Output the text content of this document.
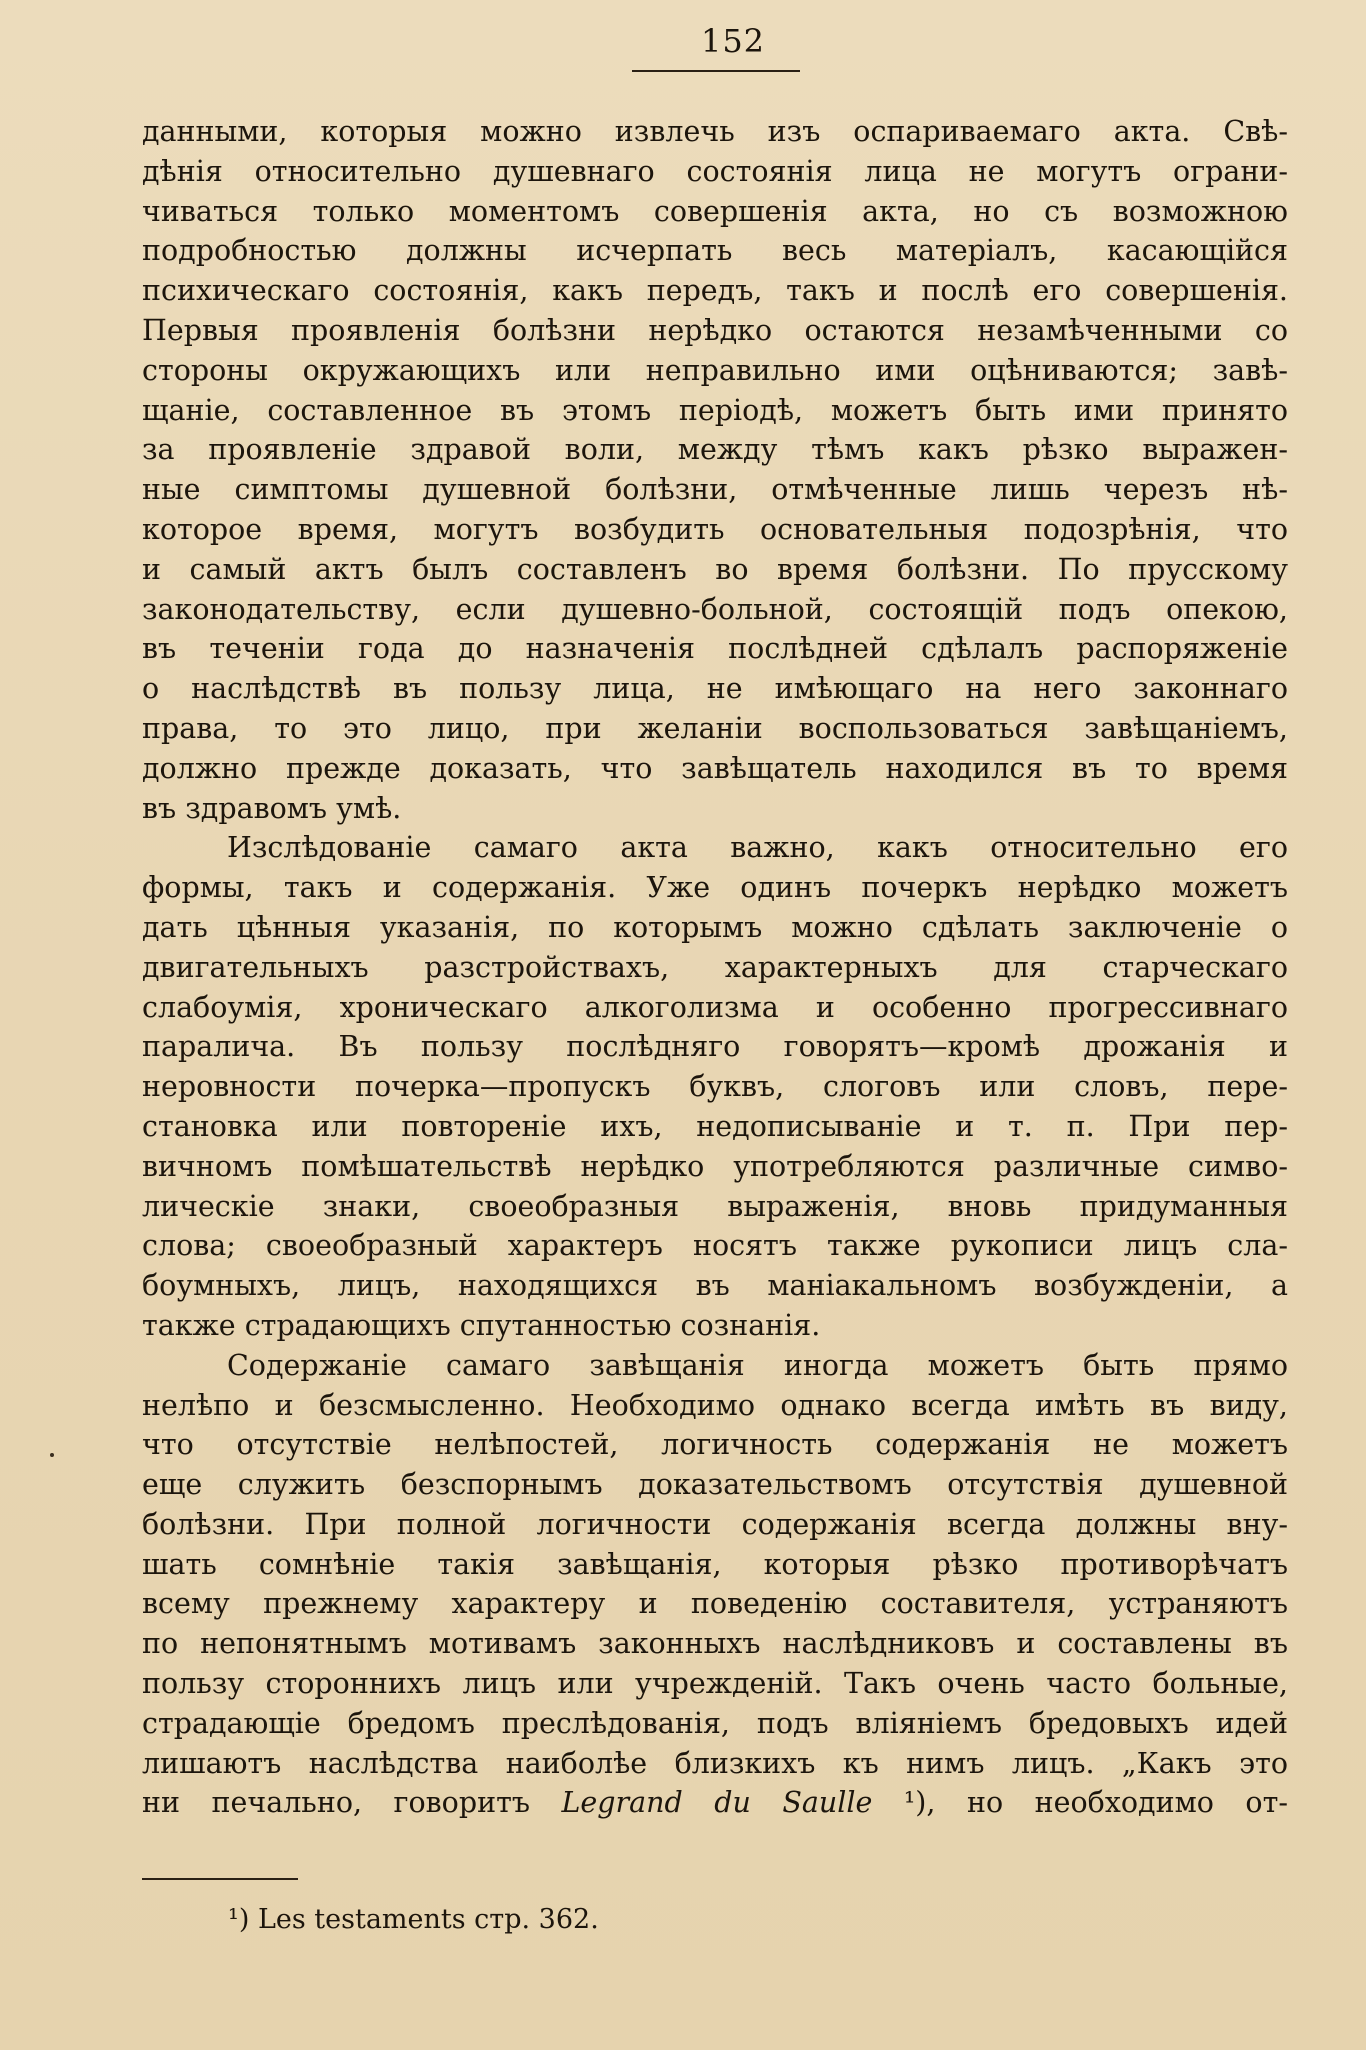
152
данными, которыя можно извлечь изъ оспариваемаго акта. Свѣ-
дѣнія относительно душевнаго состоянія лица не могутъ ограни-
чиваться только моментомъ совершенія акта, но съ возможною
подробностью должны исчерпать весь матеріалъ, касающійся
психическаго состоянія, какъ передъ, такъ и послѣ его совершенія.
Первыя проявленія болѣзни нерѣдко остаются незамѣченными со
стороны окружающихъ или неправильно ими оцѣниваются; завѣ-
щаніе, составленное въ этомъ періодѣ, можетъ быть ими принято
за проявленіе здравой воли, между тѣмъ какъ рѣзко выражен-
ные симптомы душевной болѣзни, отмѣченные лишь черезъ нѣ-
которое время, могутъ возбудить основательныя подозрѣнія, что
и самый актъ былъ составленъ во время болѣзни. По прусскому
законодательству, если душевно-больной, состоящій подъ опекою,
въ теченіи года до назначенія послѣдней сдѣлалъ распоряженіе
о наслѣдствѣ въ пользу лица, не имѣющаго на него законнаго
права, то это лицо, при желаніи воспользоваться завѣщаніемъ,
должно прежде доказать, что завѣщатель находился въ то время
въ здравомъ умѣ.
Изслѣдованіе самаго акта важно, какъ относительно его
формы, такъ и содержанія. Уже одинъ почеркъ нерѣдко можетъ
дать цѣнныя указанія, по которымъ можно сдѣлать заключеніе о
двигательныхъ разстройствахъ, характерныхъ для старческаго
слабоумія, хроническаго алкоголизма и особенно прогрессивнаго
паралича. Въ пользу послѣдняго говорятъ—кромѣ дрожанія и
неровности почерка—пропускъ буквъ, слоговъ или словъ, пере-
становка или повтореніе ихъ, недописываніе и т. п. При пер-
вичномъ помѣшательствѣ нерѣдко употребляются различные симво-
лическіе знаки, своеобразныя выраженія, вновь придуманныя
слова; своеобразный характеръ носятъ также рукописи лицъ сла-
боумныхъ, лицъ, находящихся въ маніакальномъ возбужденіи, а
также страдающихъ спутанностью сознанія.
Содержаніе самаго завѣщанія иногда можетъ быть прямо
нелѣпо и безсмысленно. Необходимо однако всегда имѣть въ виду,
что отсутствіе нелѣпостей, логичность содержанія не можетъ
еще служить безспорнымъ доказательствомъ отсутствія душевной
болѣзни. При полной логичности содержанія всегда должны вну-
шать сомнѣніе такія завѣщанія, которыя рѣзко противорѣчатъ
всему прежнему характеру и поведенію составителя, устраняютъ
по непонятнымъ мотивамъ законныхъ наслѣдниковъ и составлены въ
пользу стороннихъ лицъ или учрежденій. Такъ очень часто больные,
страдающіе бредомъ преслѣдованія, подъ вліяніемъ бредовыхъ идей
лишаютъ наслѣдства наиболѣе близкихъ къ нимъ лицъ. „Какъ это
ни печально, говоритъ Legrand du Saulle ¹), но необходимо от-
¹) Les testaments стр. 362.
